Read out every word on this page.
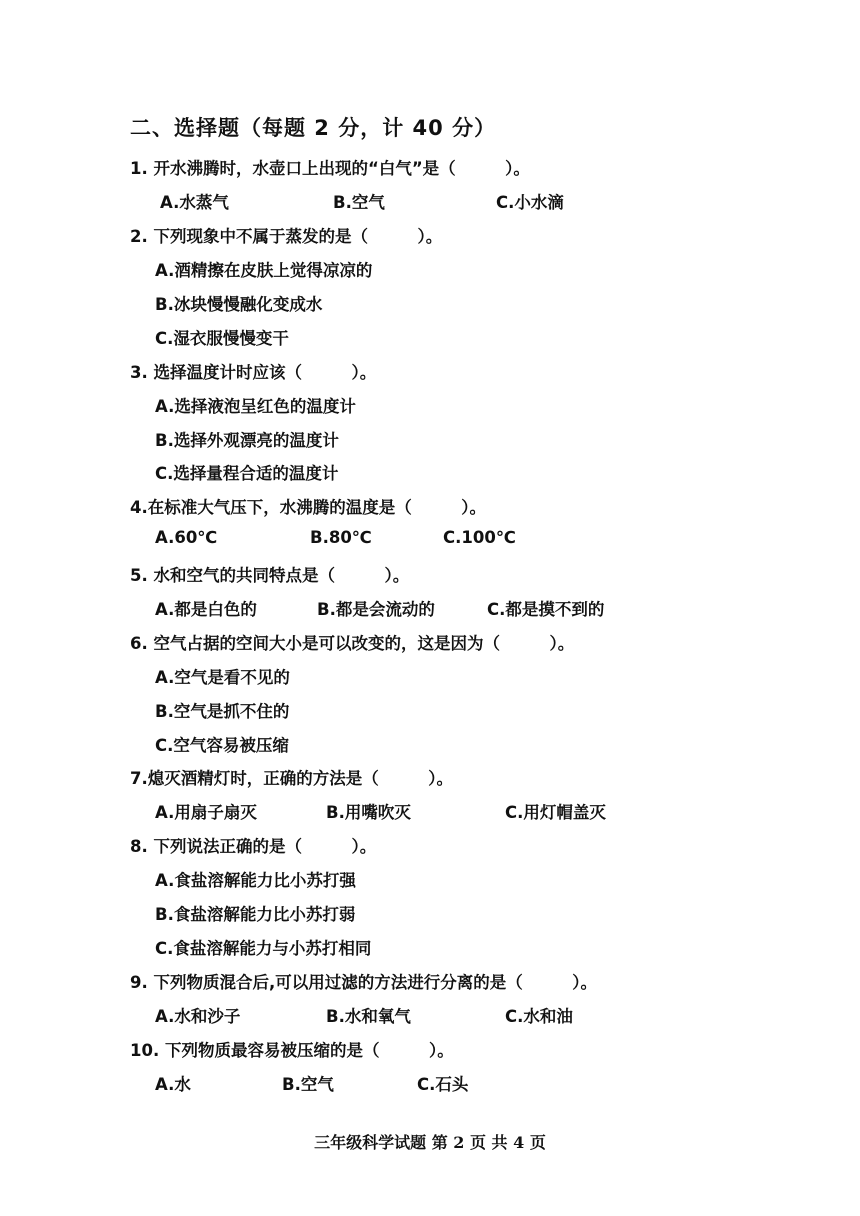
二、选择题（每题 2 分，计 40 分）
1. 开水沸腾时，水壶口上出现的“白气”是（　　　）。
A.水蒸气	B.空气	C.小水滴
2. 下列现象中不属于蒸发的是（　　　）。
A.酒精擦在皮肤上觉得凉凉的
B.冰块慢慢融化变成水
C.湿衣服慢慢变干
3. 选择温度计时应该（　　　）。
A.选择液泡呈红色的温度计
B.选择外观漂亮的温度计
C.选择量程合适的温度计
4.在标准大气压下，水沸腾的温度是（　　　）。
A.60℃	B.80℃	C.100℃
5. 水和空气的共同特点是（　　　）。
A.都是白色的	B.都是会流动的	C.都是摸不到的
6. 空气占据的空间大小是可以改变的，这是因为（　　　）。
A.空气是看不见的
B.空气是抓不住的
C.空气容易被压缩
7.熄灭酒精灯时，正确的方法是（　　　）。
A.用扇子扇灭	B.用嘴吹灭	C.用灯帽盖灭
8. 下列说法正确的是（　　　）。
A.食盐溶解能力比小苏打强
B.食盐溶解能力比小苏打弱
C.食盐溶解能力与小苏打相同
9. 下列物质混合后,可以用过滤的方法进行分离的是（　　　）。
A.水和沙子	B.水和氧气	C.水和油
10. 下列物质最容易被压缩的是（　　　）。
A.水	B.空气	C.石头
三年级科学试题 第 2 页 共 4 页
